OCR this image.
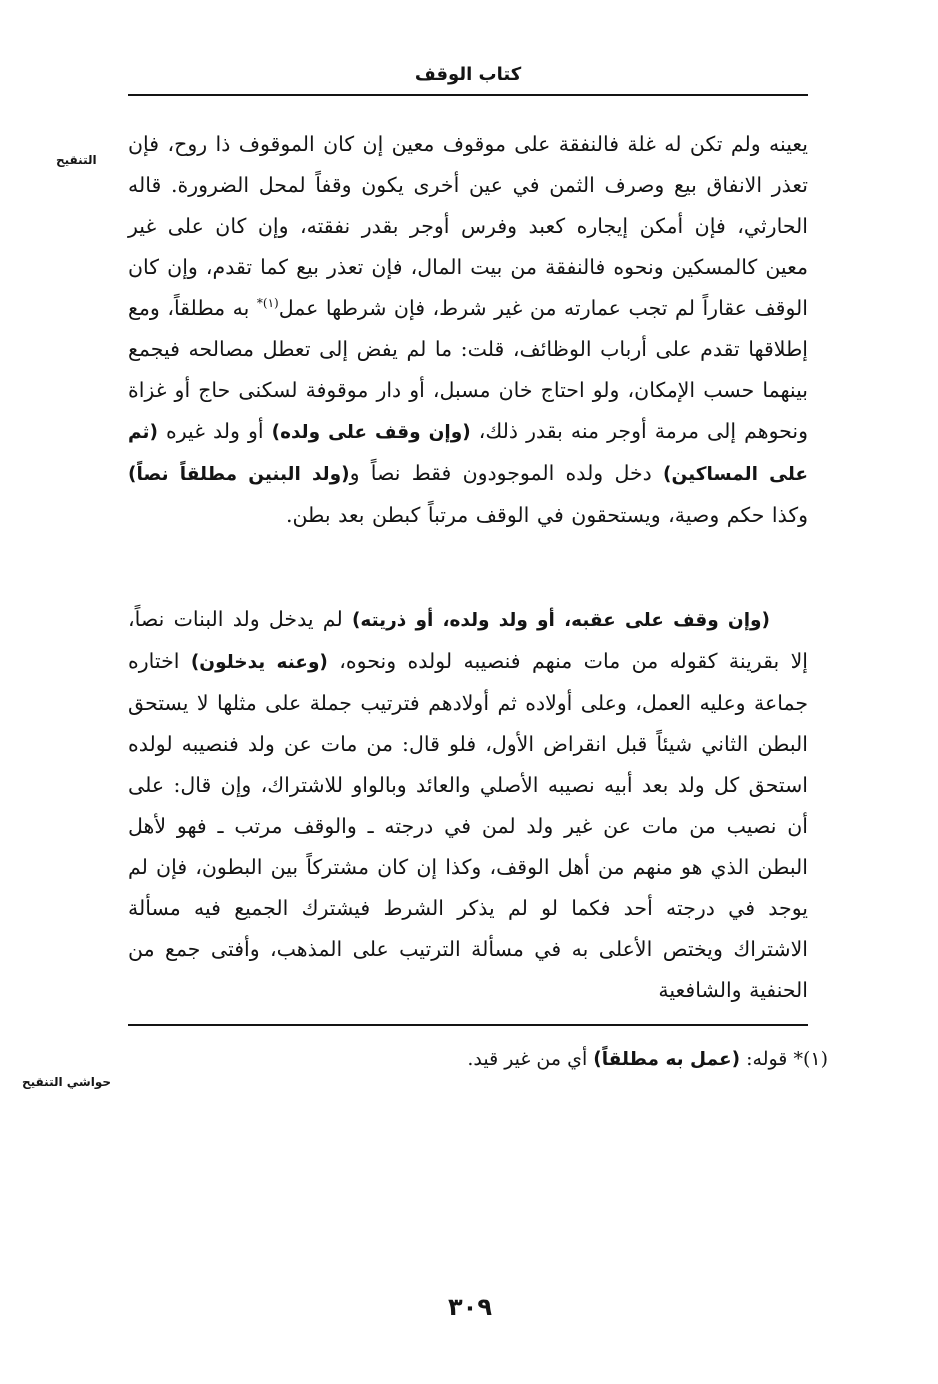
كتاب الوقف
التنقيح

يعينه ولم تكن له غلة فالنفقة على موقوف معين إن كان الموقوف ذا روح، فإن تعذر الانفاق بيع وصرف الثمن في عين أخرى يكون وقفاً لمحل الضرورة. قاله الحارثي، فإن أمكن إيجاره كعبد وفرس أوجر بقدر نفقته، وإن كان على غير معين كالمسكين ونحوه فالنفقة من بيت المال، فإن تعذر بيع كما تقدم، وإن كان الوقف عقاراً لم تجب عمارته من غير شرط، فإن شرطها عمل$^{(١)*}$ به مطلقاً، ومع إطلاقها تقدم على أرباب الوظائف، قلت: ما لم يفض إلى تعطل مصالحه فيجمع بينهما حسب الإمكان، ولو احتاج خان مسبل، أو دار موقوفة لسكنى حاج أو غزاة ونحوهم إلى مرمة أوجر منه بقدر ذلك، (وإن وقف على ولده) أو ولد غيره (ثم على المساكين) دخل ولده الموجودون فقط نصاً و(ولد البنين مطلقاً نصاً) وكذا حكم وصية، ويستحقون في الوقف مرتباً كبطن بعد بطن.

(وإن وقف على عقبه، أو ولد ولده، أو ذريته) لم يدخل ولد البنات نصاً، إلا بقرينة كقوله من مات منهم فنصيبه لولده ونحوه، (وعنه يدخلون) اختاره جماعة وعليه العمل، وعلى أولاده ثم أولادهم فترتيب جملة على مثلها لا يستحق البطن الثاني شيئاً قبل انقراض الأول، فلو قال: من مات عن ولد فنصيبه لولده استحق كل ولد بعد أبيه نصيبه الأصلي والعائد وبالواو للاشتراك، وإن قال: على أن نصيب من مات عن غير ولد لمن في درجته ـ والوقف مرتب ـ فهو لأهل البطن الذي هو منهم من أهل الوقف، وكذا إن كان مشتركاً بين البطون، فإن لم يوجد في درجته أحد فكما لو لم يذكر الشرط فيشترك الجميع فيه مسألة الاشتراك ويختص الأعلى به في مسألة الترتيب على المذهب، وأفتى جمع من الحنفية والشافعية

حواشي التنقيح
(١)* قوله: (عمل به مطلقاً) أي من غير قيد.
٣٠٩
